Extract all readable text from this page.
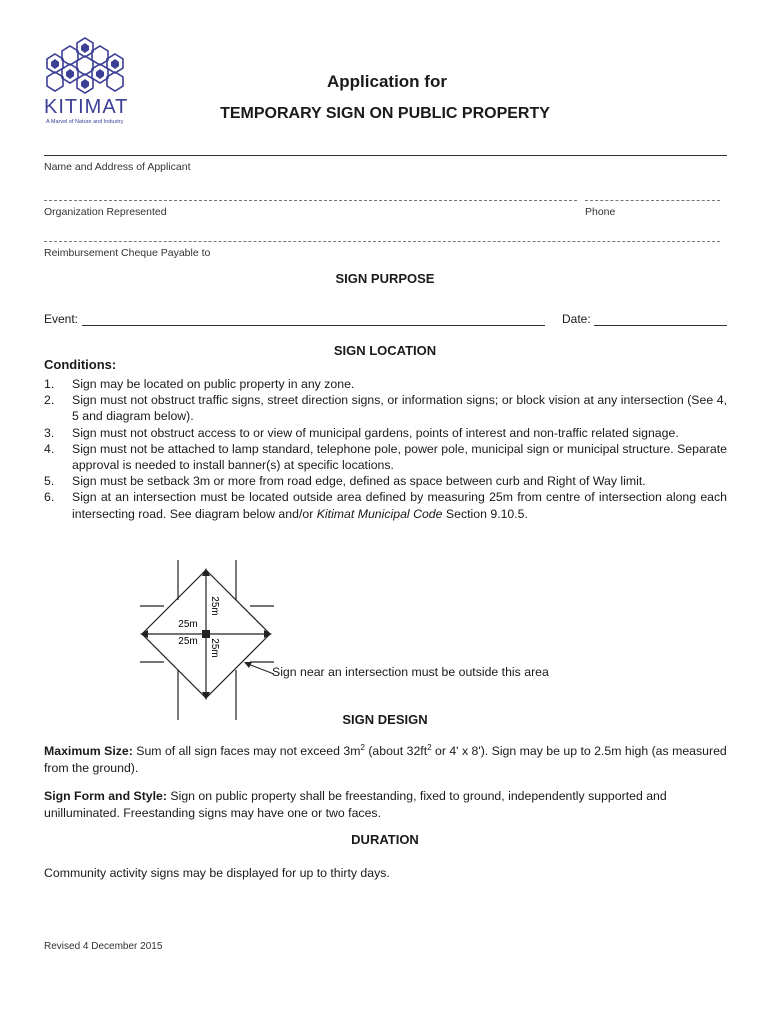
KITIMAT
A Marvel of Nature and Industry
Application for
TEMPORARY SIGN ON PUBLIC PROPERTY
Name and Address of Applicant
Organization Represented	Phone
Reimbursement Cheque Payable to
SIGN PURPOSE
Event:	Date:
SIGN LOCATION
Conditions:
1. Sign may be located on public property in any zone.
2. Sign must not obstruct traffic signs, street direction signs, or information signs; or block vision at any intersection (See 4, 5 and diagram below).
3. Sign must not obstruct access to or view of municipal gardens, points of interest and non-traffic related signage.
4. Sign must not be attached to lamp standard, telephone pole, power pole, municipal sign or municipal structure. Separate approval is needed to install banner(s) at specific locations.
5. Sign must be setback 3m or more from road edge, defined as space between curb and Right of Way limit.
6. Sign at an intersection must be located outside area defined by measuring 25m from centre of intersection along each intersecting road. See diagram below and/or Kitimat Municipal Code Section 9.10.5.
25m
25m
25m 25m
Sign near an intersection must be outside this area
SIGN DESIGN
Maximum Size: Sum of all sign faces may not exceed $3m^2$ (about $32ft^2$ or 4' x 8'). Sign may be up to 2.5m high (as measured from the ground).
Sign Form and Style: Sign on public property shall be freestanding, fixed to ground, independently supported and unilluminated. Freestanding signs may have one or two faces.
DURATION
Community activity signs may be displayed for up to thirty days.
Revised 4 December 2015
